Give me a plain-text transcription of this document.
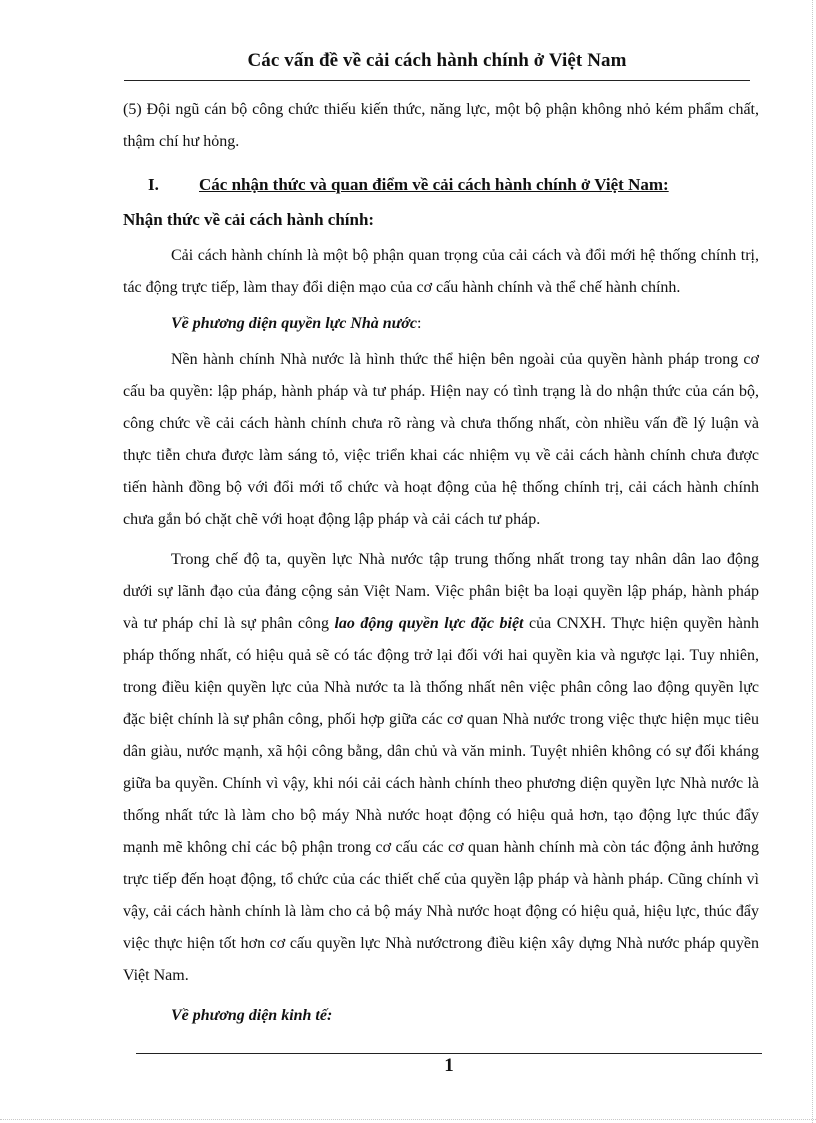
Các vấn đề về cải cách hành chính ở Việt Nam

(5) Đội ngũ cán bộ công chức thiếu kiến thức, năng lực, một bộ phận không nhỏ kém phẩm chất, thậm chí hư hỏng.

I. Các nhận thức và quan điểm về cải cách hành chính ở Việt Nam:

Nhận thức về cải cách hành chính:

Cải cách hành chính là một bộ phận quan trọng của cải cách và đổi mới hệ thống chính trị, tác động trực tiếp, làm thay đổi diện mạo của cơ cấu hành chính và thể chế hành chính.

Về phương diện quyền lực Nhà nước:

Nền hành chính Nhà nước là hình thức thể hiện bên ngoài của quyền hành pháp trong cơ cấu ba quyền: lập pháp, hành pháp và tư pháp. Hiện nay có tình trạng là do nhận thức của cán bộ, công chức về cải cách hành chính chưa rõ ràng và chưa thống nhất, còn nhiều vấn đề lý luận và thực tiễn chưa được làm sáng tỏ, việc triển khai các nhiệm vụ về cải cách hành chính chưa được tiến hành đồng bộ với đổi mới tổ chức và hoạt động của hệ thống chính trị, cải cách hành chính chưa gắn bó chặt chẽ với hoạt động lập pháp và cải cách tư pháp.

Trong chế độ ta, quyền lực Nhà nước tập trung thống nhất trong tay nhân dân lao động dưới sự lãnh đạo của đảng cộng sản Việt Nam. Việc phân biệt ba loại quyền lập pháp, hành pháp và tư pháp chỉ là sự phân công lao động quyền lực đặc biệt của CNXH. Thực hiện quyền hành pháp thống nhất, có hiệu quả sẽ có tác động trở lại đối với hai quyền kia và ngược lại. Tuy nhiên, trong điều kiện quyền lực của Nhà nước ta là thống nhất nên việc phân công lao động quyền lực đặc biệt chính là sự phân công, phối hợp giữa các cơ quan Nhà nước trong việc thực hiện mục tiêu dân giàu, nước mạnh, xã hội công bằng, dân chủ và văn minh. Tuyệt nhiên không có sự đối kháng giữa ba quyền. Chính vì vậy, khi nói cải cách hành chính theo phương diện quyền lực Nhà nước là thống nhất tức là làm cho bộ máy Nhà nước hoạt động có hiệu quả hơn, tạo động lực thúc đẩy mạnh mẽ không chỉ các bộ phận trong cơ cấu các cơ quan hành chính mà còn tác động ảnh hưởng trực tiếp đến hoạt động, tổ chức của các thiết chế của quyền lập pháp và hành pháp. Cũng chính vì vậy, cải cách hành chính là làm cho cả bộ máy Nhà nước hoạt động có hiệu quả, hiệu lực, thúc đẩy việc thực hiện tốt hơn cơ cấu quyền lực Nhà nướctrong điều kiện xây dựng Nhà nước pháp quyền Việt Nam.

Về phương diện kinh tế:

1
